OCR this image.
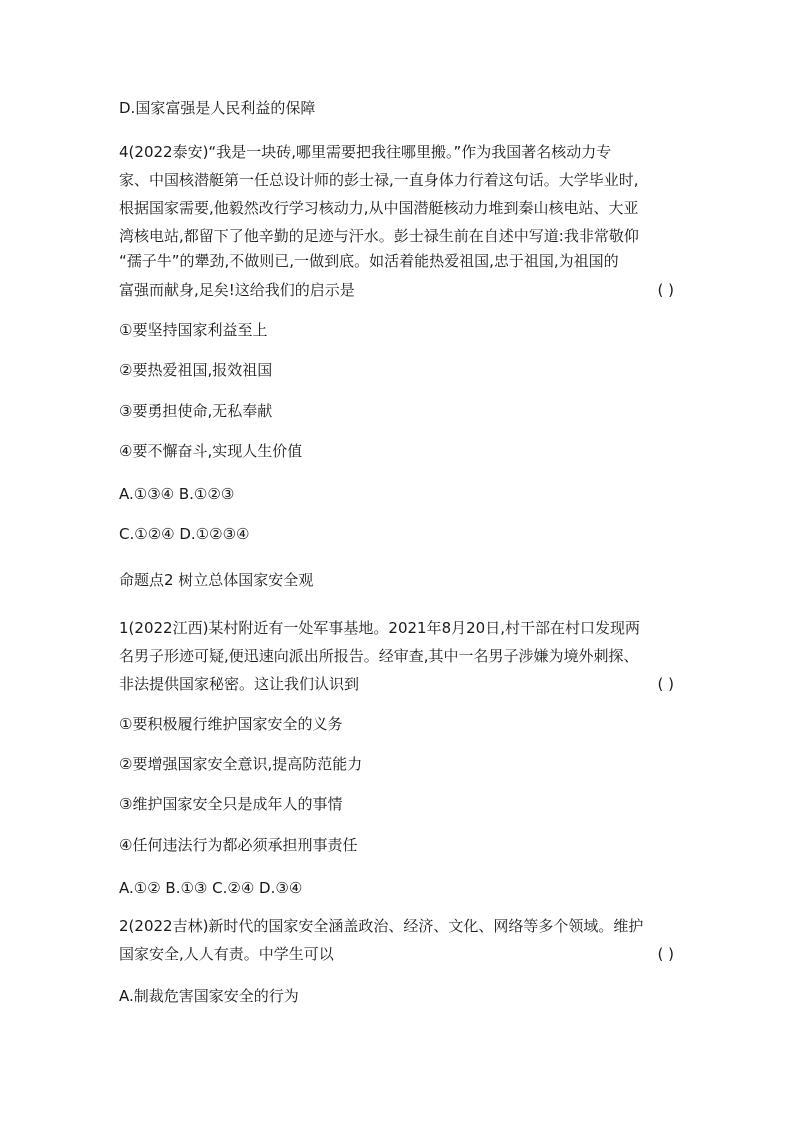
D.国家富强是人民利益的保障
4(2022泰安)“我是一块砖,哪里需要把我往哪里搬。”作为我国著名核动力专
家、中国核潜艇第一任总设计师的彭士禄,一直身体力行着这句话。大学毕业时,
根据国家需要,他毅然改行学习核动力,从中国潜艇核动力堆到秦山核电站、大亚
湾核电站,都留下了他辛勤的足迹与汗水。彭士禄生前在自述中写道:我非常敬仰
“孺子牛”的犟劲,不做则已,一做到底。如活着能热爱祖国,忠于祖国,为祖国的
富强而献身,足矣!这给我们的启示是	( )
①要坚持国家利益至上
②要热爱祖国,报效祖国
③要勇担使命,无私奉献
④要不懈奋斗,实现人生价值
A.①③④ B.①②③
C.①②④ D.①②③④
命题点2 树立总体国家安全观
1(2022江西)某村附近有一处军事基地。2021年8月20日,村干部在村口发现两
名男子形迹可疑,便迅速向派出所报告。经审查,其中一名男子涉嫌为境外刺探、
非法提供国家秘密。这让我们认识到	( )
①要积极履行维护国家安全的义务
②要增强国家安全意识,提高防范能力
③维护国家安全只是成年人的事情
④任何违法行为都必须承担刑事责任
A.①② B.①③ C.②④ D.③④
2(2022吉林)新时代的国家安全涵盖政治、经济、文化、网络等多个领域。维护
国家安全,人人有责。中学生可以	( )
A.制裁危害国家安全的行为
